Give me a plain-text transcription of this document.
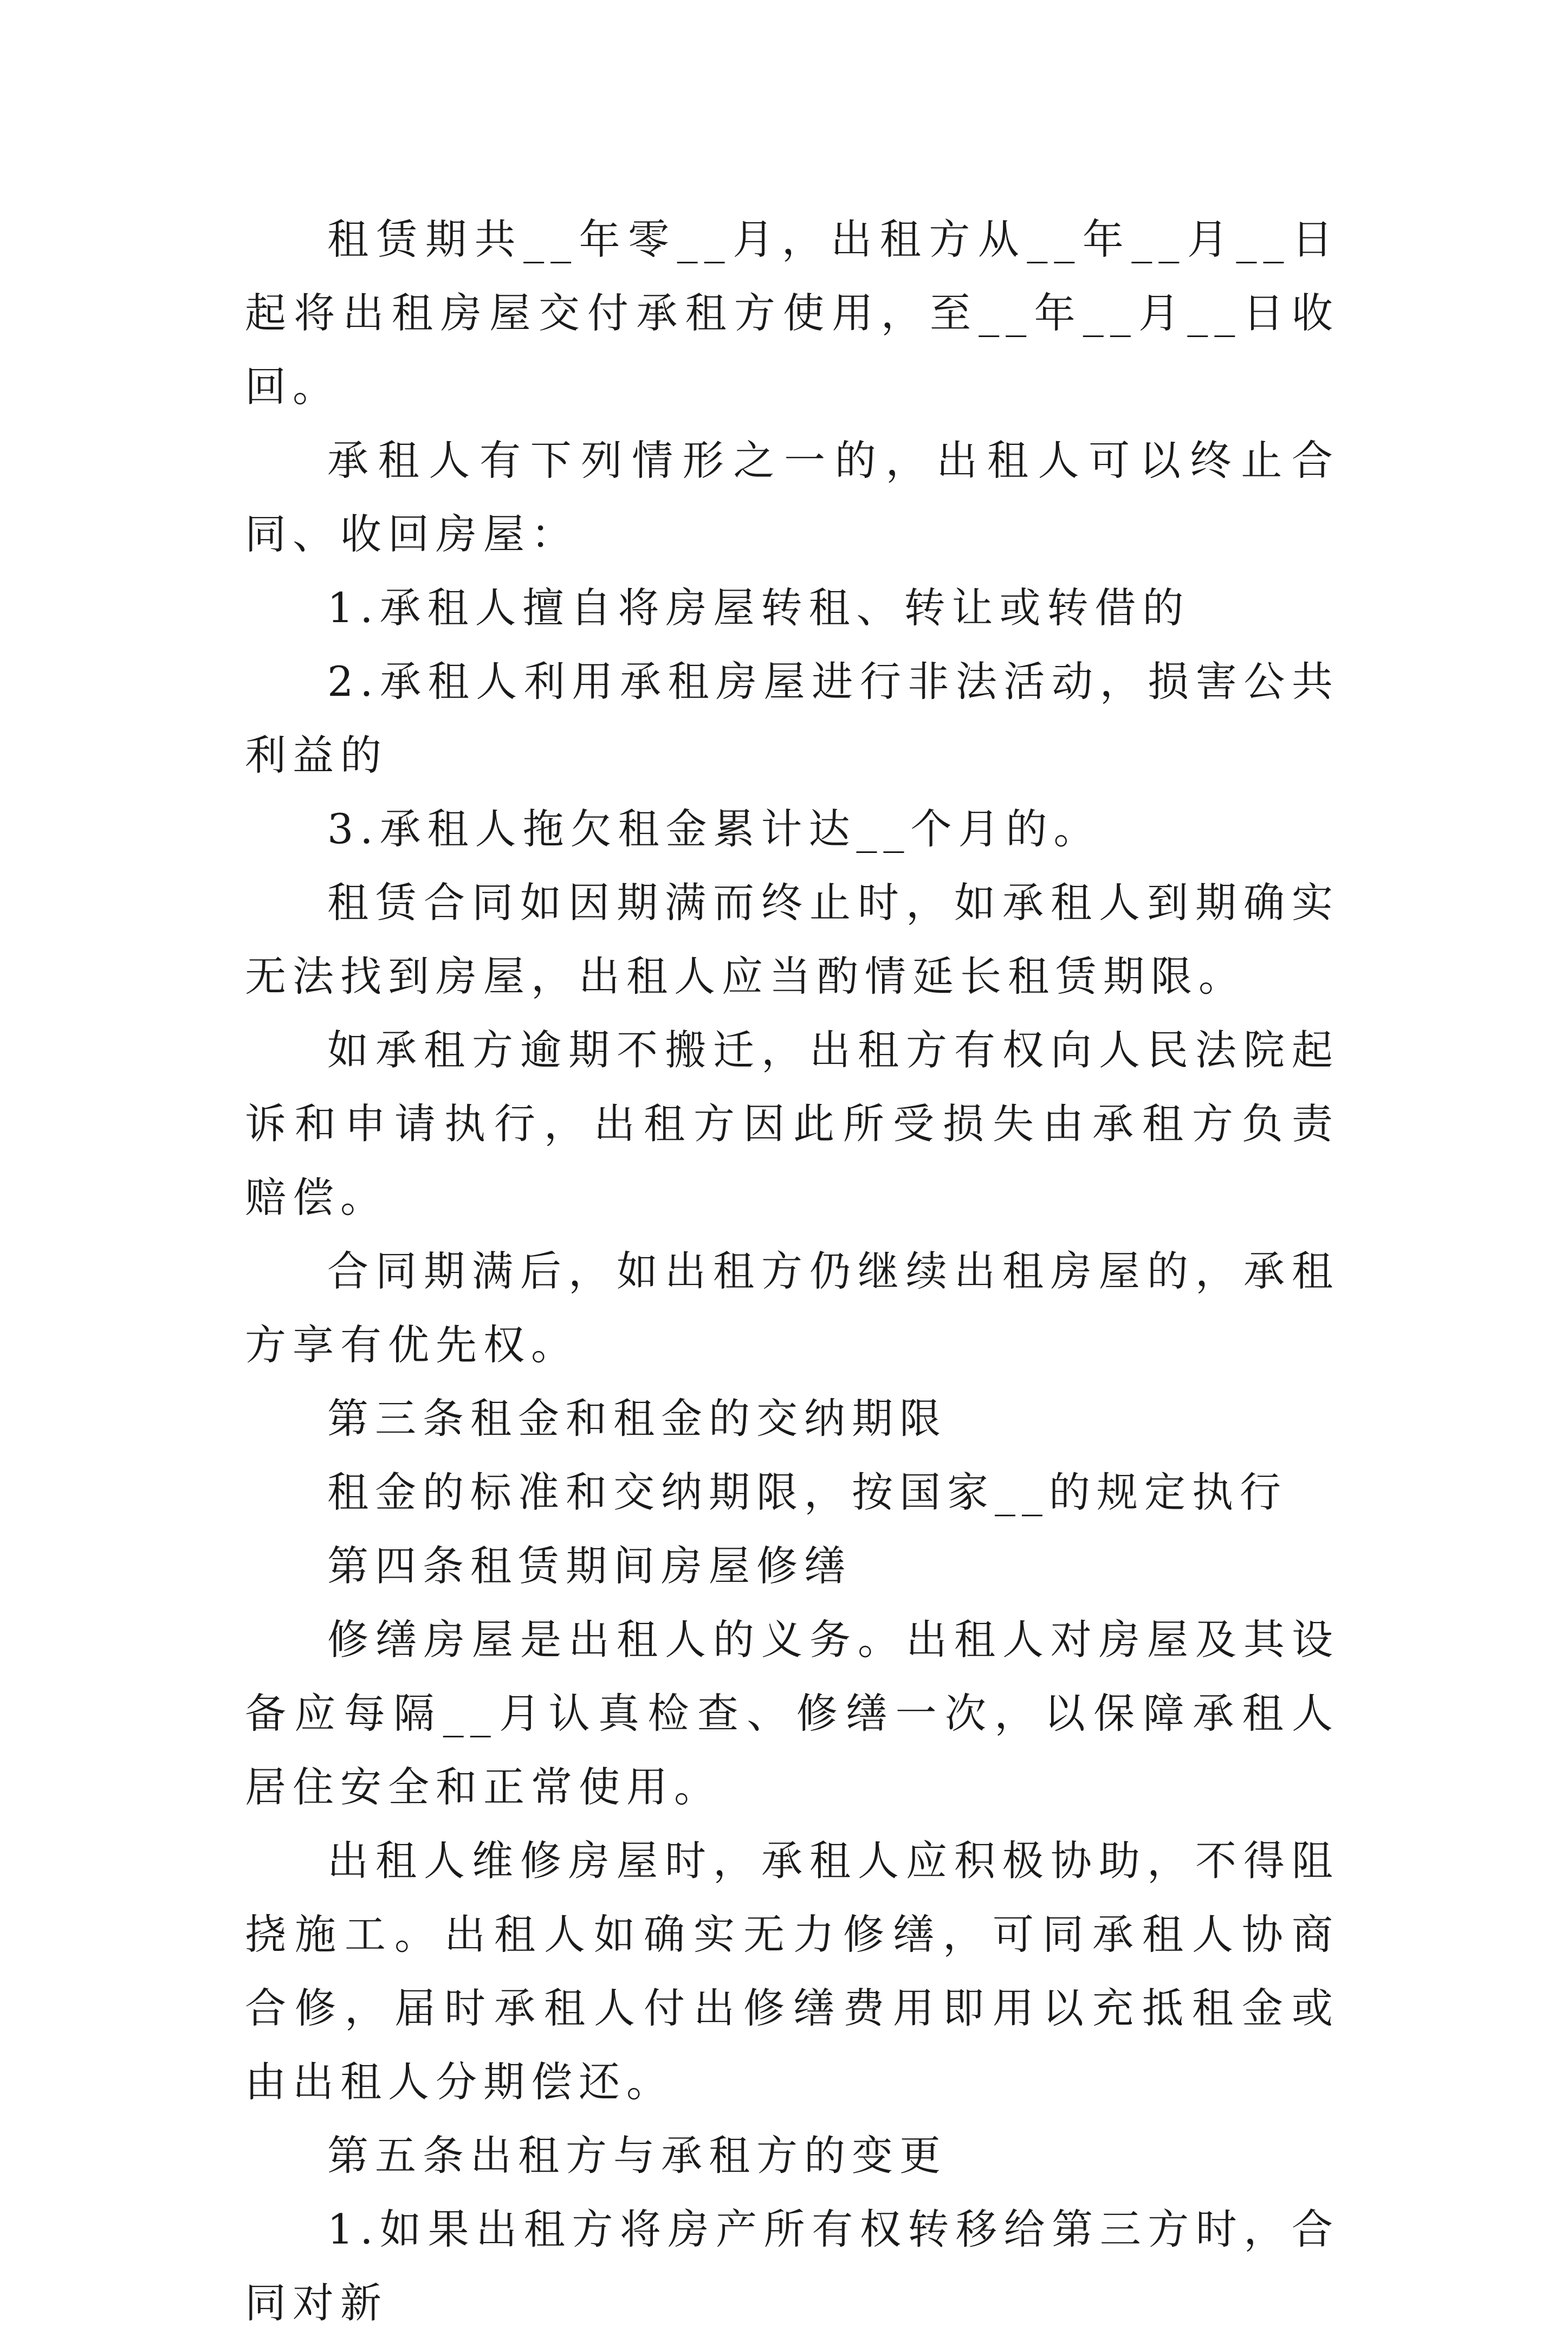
租赁期共__年零__月，出租方从__年__月__日起将出租房屋交付承租方使用，至__年__月__日收回。

承租人有下列情形之一的，出租人可以终止合同、收回房屋：

1.承租人擅自将房屋转租、转让或转借的

2.承租人利用承租房屋进行非法活动，损害公共利益的

3.承租人拖欠租金累计达__个月的。

租赁合同如因期满而终止时，如承租人到期确实无法找到房屋，出租人应当酌情延长租赁期限。

如承租方逾期不搬迁，出租方有权向人民法院起诉和申请执行，出租方因此所受损失由承租方负责赔偿。

合同期满后，如出租方仍继续出租房屋的，承租方享有优先权。

第三条租金和租金的交纳期限

租金的标准和交纳期限，按国家__的规定执行

第四条租赁期间房屋修缮

修缮房屋是出租人的义务。出租人对房屋及其设备应每隔__月认真检查、修缮一次，以保障承租人居住安全和正常使用。

出租人维修房屋时，承租人应积极协助，不得阻挠施工。出租人如确实无力修缮，可同承租人协商合修，届时承租人付出修缮费用即用以充抵租金或由出租人分期偿还。

第五条出租方与承租方的变更

1.如果出租方将房产所有权转移给第三方时，合同对新
